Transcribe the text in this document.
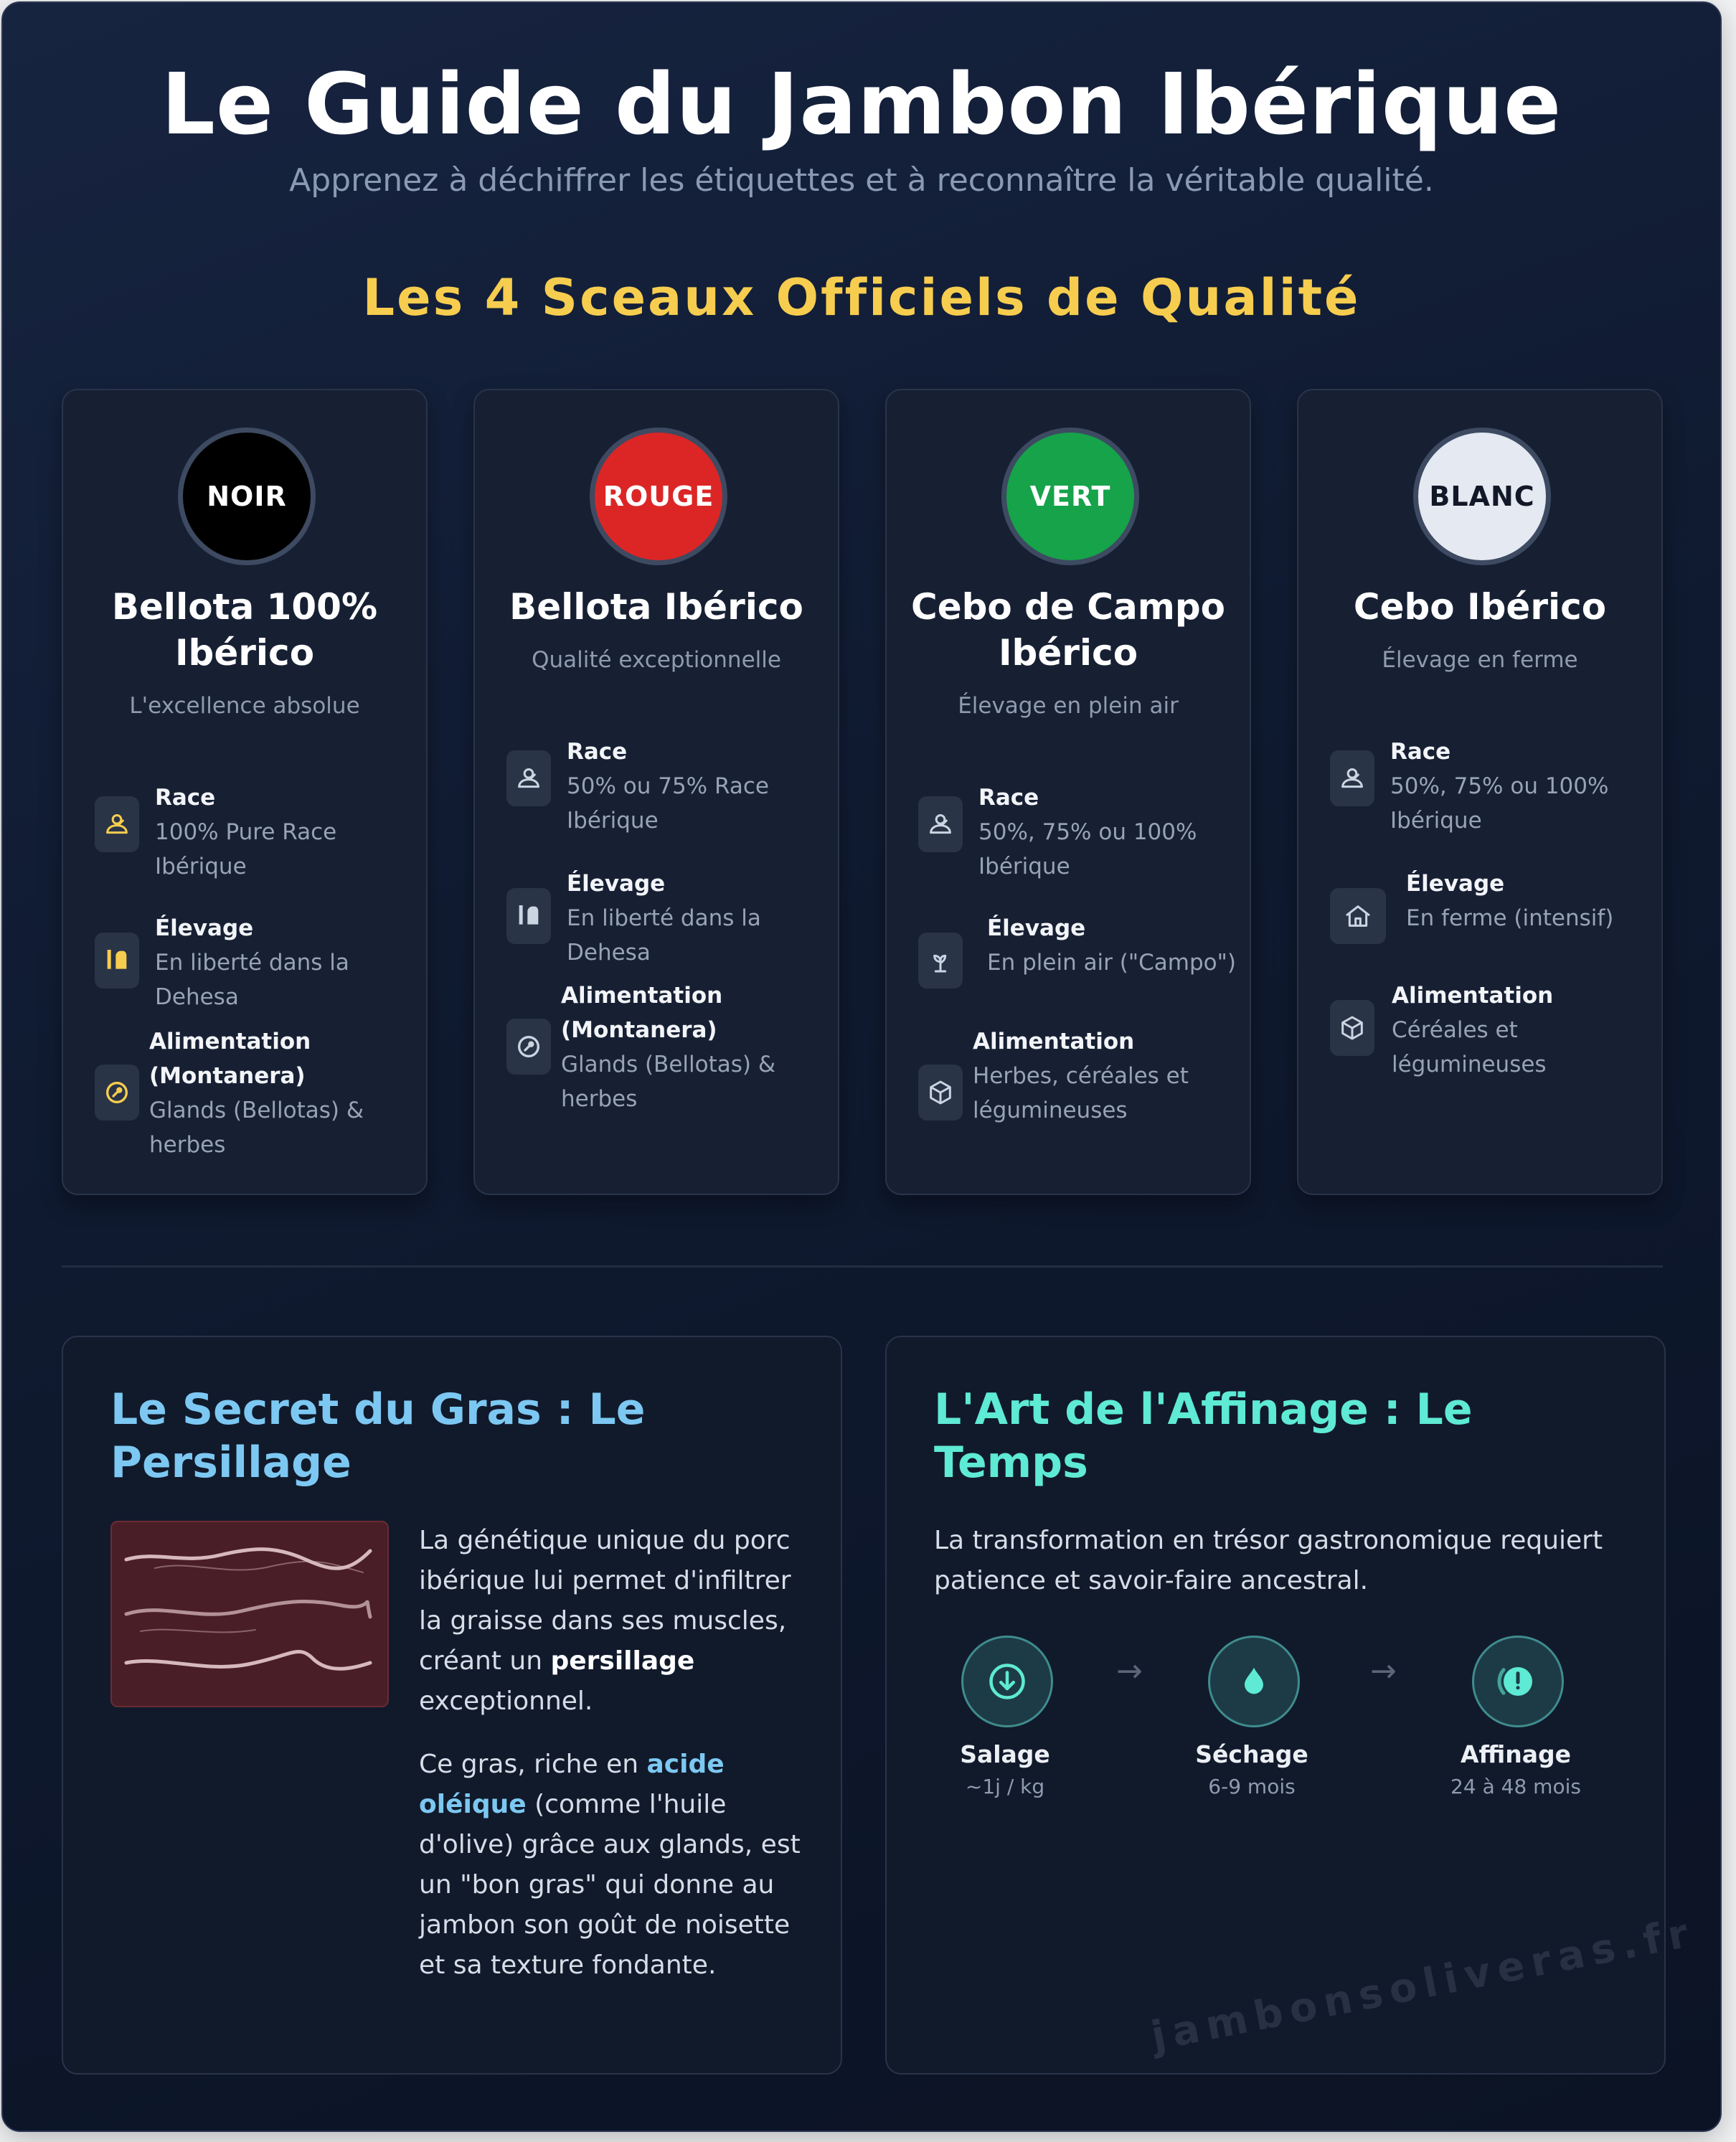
Le Guide du Jambon Ibérique

Apprenez à déchiffrer les étiquettes et à reconnaître la véritable qualité.

Les 4 Sceaux Officiels de Qualité
NOIR
Bellota 100% Ibérico
L'excellence absolue
Race
100% Pure Race Ibérique
Élevage
En liberté dans la Dehesa
Alimentation (Montanera)
Glands (Bellotas) & herbes
ROUGE
Bellota Ibérico
Qualité exceptionnelle
Race
50% ou 75% Race Ibérique
Élevage
En liberté dans la Dehesa
Alimentation (Montanera)
Glands (Bellotas) & herbes
VERT
Cebo de Campo Ibérico
Élevage en plein air
Race
50%, 75% ou 100% Ibérique
Élevage
En plein air ("Campo")
Alimentation
Herbes, céréales et légumineuses
BLANC
Cebo Ibérico
Élevage en ferme
Race
50%, 75% ou 100% Ibérique
Élevage
En ferme (intensif)
Alimentation
Céréales et légumineuses
Le Secret du Gras : Le Persillage

La génétique unique du porc ibérique lui permet d'infiltrer la graisse dans ses muscles, créant un persillage exceptionnel.

Ce gras, riche en acide oléique (comme l'huile d'olive) grâce aux glands, est un "bon gras" qui donne au jambon son goût de noisette et sa texture fondante.

L'Art de l'Affinage : Le Temps

La transformation en trésor gastronomique requiert patience et savoir-faire ancestral.

Salage
~1j / kg
→
Séchage
6-9 mois
→
Affinage
24 à 48 mois
jambonsoliveras.fr
